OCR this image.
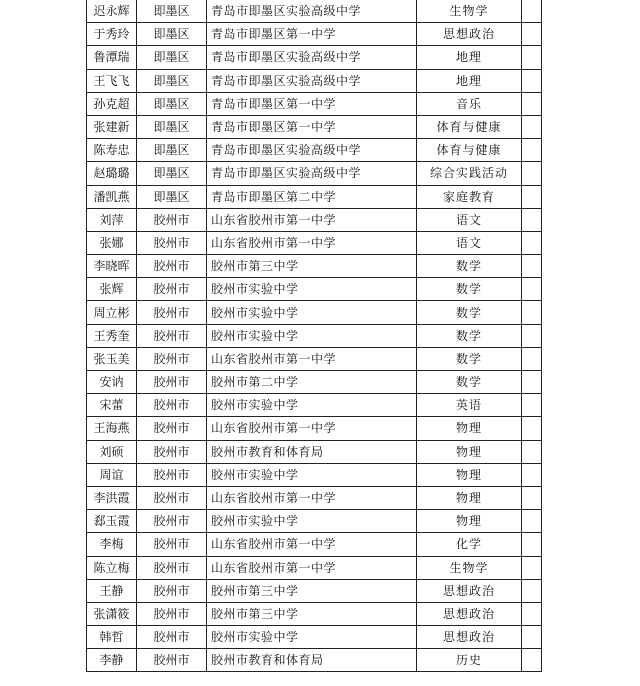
迟永辉	即墨区	青岛市即墨区实验高级中学	生物学	
于秀玲	即墨区	青岛市即墨区第一中学	思想政治	
鲁潭瑞	即墨区	青岛市即墨区实验高级中学	地理	
王飞飞	即墨区	青岛市即墨区实验高级中学	地理	
孙克超	即墨区	青岛市即墨区第一中学	音乐	
张建新	即墨区	青岛市即墨区第一中学	体育与健康	
陈寿忠	即墨区	青岛市即墨区实验高级中学	体育与健康	
赵璐璐	即墨区	青岛市即墨区实验高级中学	综合实践活动	
潘凯燕	即墨区	青岛市即墨区第二中学	家庭教育	
刘萍	胶州市	山东省胶州市第一中学	语文	
张娜	胶州市	山东省胶州市第一中学	语文	
李晓晖	胶州市	胶州市第三中学	数学	
张辉	胶州市	胶州市实验中学	数学	
周立彬	胶州市	胶州市实验中学	数学	
王秀奎	胶州市	胶州市实验中学	数学	
张玉美	胶州市	山东省胶州市第一中学	数学	
安讷	胶州市	胶州市第二中学	数学	
宋蕾	胶州市	胶州市实验中学	英语	
王海燕	胶州市	山东省胶州市第一中学	物理	
刘硕	胶州市	胶州市教育和体育局	物理	
周谊	胶州市	胶州市实验中学	物理	
李洪霞	胶州市	山东省胶州市第一中学	物理	
郄玉霞	胶州市	胶州市实验中学	物理	
李梅	胶州市	山东省胶州市第一中学	化学	
陈立梅	胶州市	山东省胶州市第一中学	生物学	
王静	胶州市	胶州市第三中学	思想政治	
张潇筱	胶州市	胶州市第三中学	思想政治	
韩哲	胶州市	胶州市实验中学	思想政治	
李静	胶州市	胶州市教育和体育局	历史	
